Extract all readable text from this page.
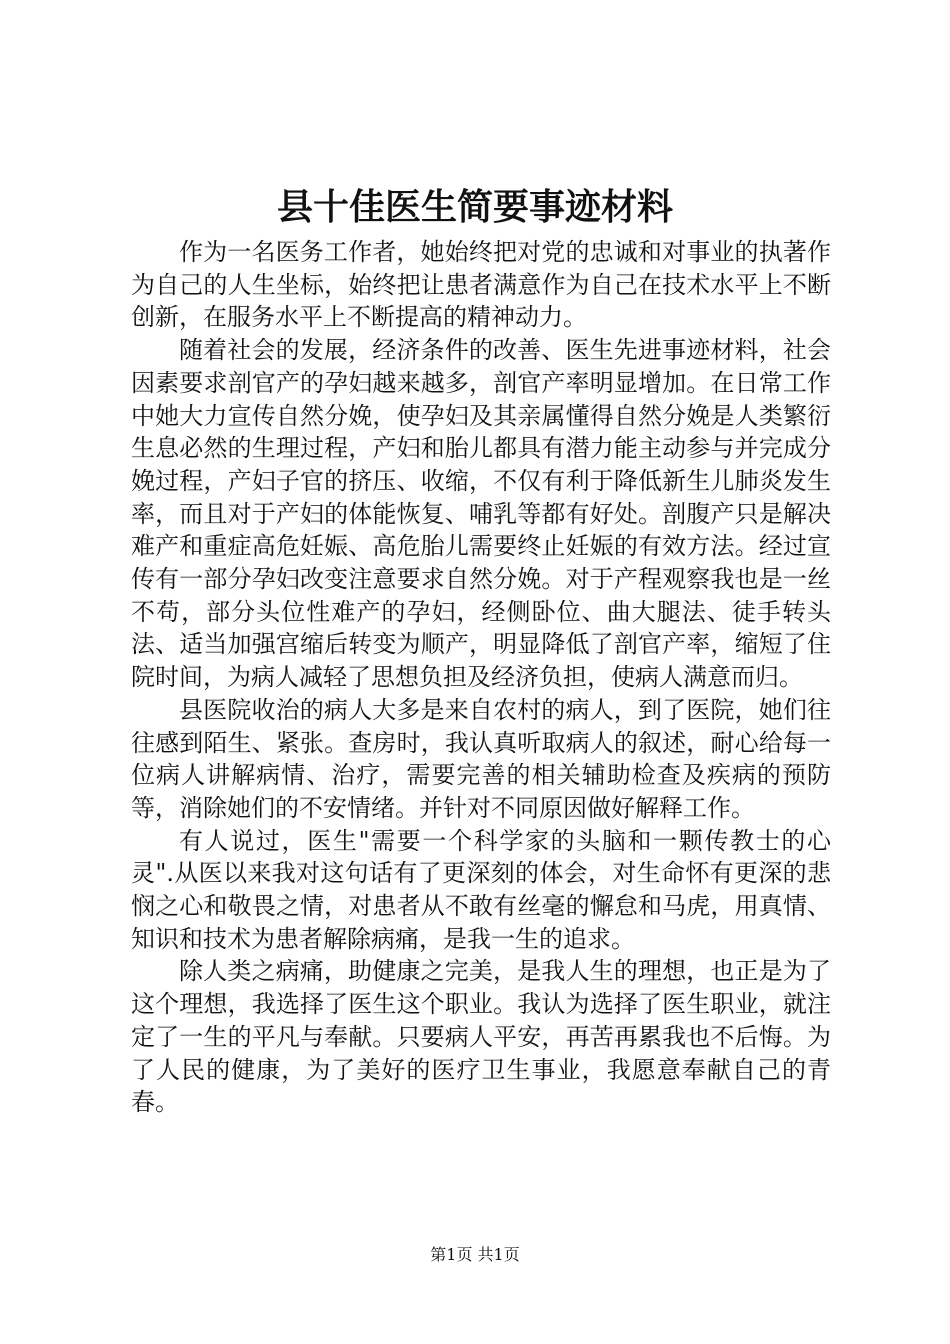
县十佳医生简要事迹材料

作为一名医务工作者，她始终把对党的忠诚和对事业的执著作为自己的人生坐标，始终把让患者满意作为自己在技术水平上不断创新，在服务水平上不断提高的精神动力。

随着社会的发展，经济条件的改善、医生先进事迹材料，社会因素要求剖官产的孕妇越来越多，剖官产率明显增加。在日常工作中她大力宣传自然分娩，使孕妇及其亲属懂得自然分娩是人类繁衍生息必然的生理过程，产妇和胎儿都具有潜力能主动参与并完成分娩过程，产妇子官的挤压、收缩，不仅有利于降低新生儿肺炎发生率，而且对于产妇的体能恢复、哺乳等都有好处。剖腹产只是解决难产和重症高危妊娠、高危胎儿需要终止妊娠的有效方法。经过宣传有一部分孕妇改变注意要求自然分娩。对于产程观察我也是一丝不苟，部分头位性难产的孕妇，经侧卧位、曲大腿法、徒手转头法、适当加强宫缩后转变为顺产，明显降低了剖官产率，缩短了住院时间，为病人减轻了思想负担及经济负担，使病人满意而归。

县医院收治的病人大多是来自农村的病人，到了医院，她们往往感到陌生、紧张。查房时，我认真听取病人的叙述，耐心给每一位病人讲解病情、治疗，需要完善的相关辅助检查及疾病的预防等，消除她们的不安情绪。并针对不同原因做好解释工作。

有人说过，医生"需要一个科学家的头脑和一颗传教士的心灵".从医以来我对这句话有了更深刻的体会，对生命怀有更深的悲悯之心和敬畏之情，对患者从不敢有丝毫的懈怠和马虎，用真情、知识和技术为患者解除病痛，是我一生的追求。

除人类之病痛，助健康之完美，是我人生的理想，也正是为了这个理想，我选择了医生这个职业。我认为选择了医生职业，就注定了一生的平凡与奉献。只要病人平安，再苦再累我也不后悔。为了人民的健康，为了美好的医疗卫生事业，我愿意奉献自己的青春。

第1页 共1页
